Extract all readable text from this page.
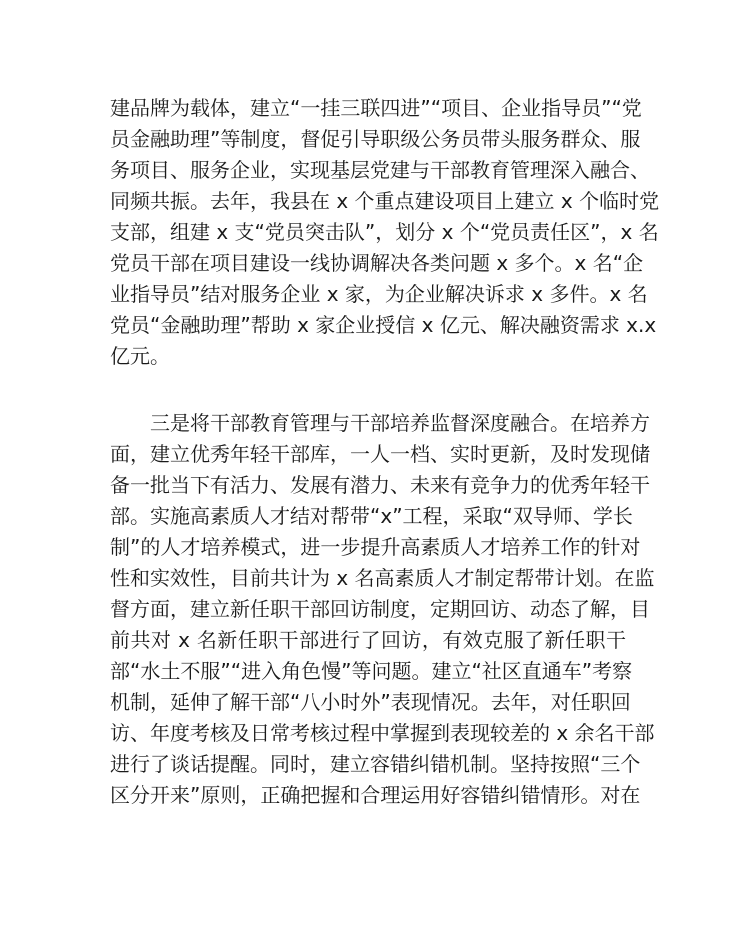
建品牌为载体，建立“一挂三联四进”“项目、企业指导员”“党
员金融助理”等制度，督促引导职级公务员带头服务群众、服
务项目、服务企业，实现基层党建与干部教育管理深入融合、
同频共振。去年，我县在 x 个重点建设项目上建立 x 个临时党
支部，组建 x 支“党员突击队”，划分 x 个“党员责任区”，x 名
党员干部在项目建设一线协调解决各类问题 x 多个。x 名“企
业指导员”结对服务企业 x 家，为企业解决诉求 x 多件。x 名
党员“金融助理”帮助 x 家企业授信 x 亿元、解决融资需求 x.x
亿元。
　　三是将干部教育管理与干部培养监督深度融合。在培养方
面，建立优秀年轻干部库，一人一档、实时更新，及时发现储
备一批当下有活力、发展有潜力、未来有竞争力的优秀年轻干
部。实施高素质人才结对帮带“x”工程，采取“双导师、学长
制”的人才培养模式，进一步提升高素质人才培养工作的针对
性和实效性，目前共计为 x 名高素质人才制定帮带计划。在监
督方面，建立新任职干部回访制度，定期回访、动态了解，目
前共对 x 名新任职干部进行了回访，有效克服了新任职干
部“水土不服”“进入角色慢”等问题。建立“社区直通车”考察
机制，延伸了解干部“八小时外”表现情况。去年，对任职回
访、年度考核及日常考核过程中掌握到表现较差的 x 余名干部
进行了谈话提醒。同时，建立容错纠错机制。坚持按照“三个
区分开来”原则，正确把握和合理运用好容错纠错情形。对在
